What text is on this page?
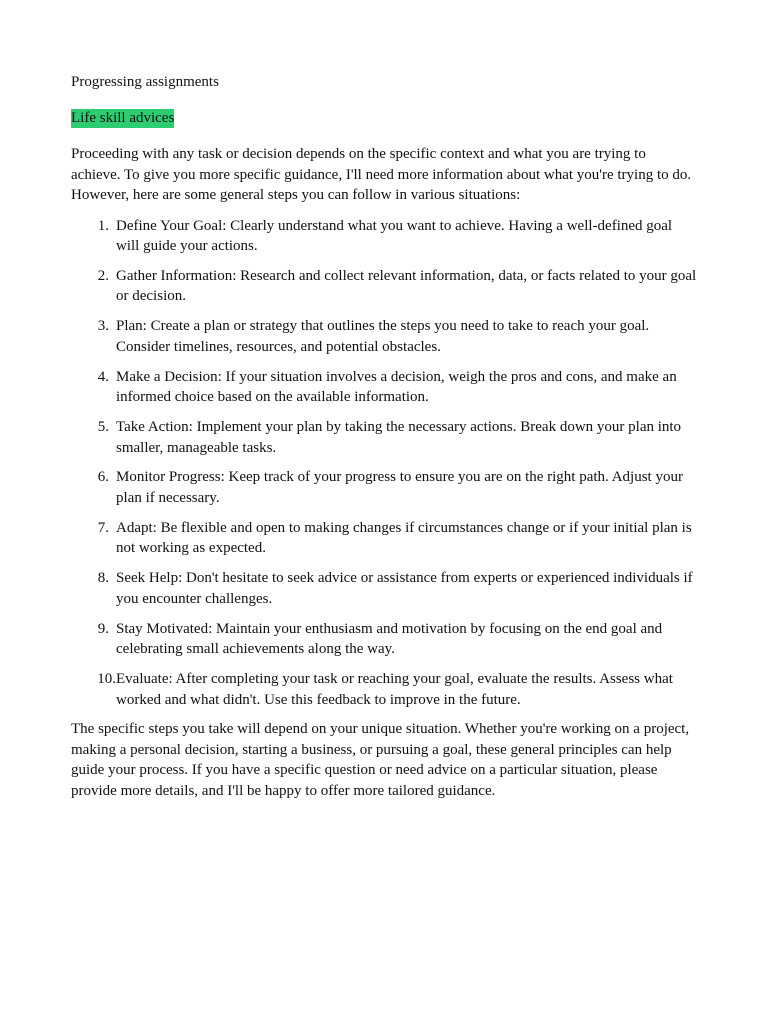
Progressing assignments
Life skill advices

Proceeding with any task or decision depends on the specific context and what you are trying to achieve. To give you more specific guidance, I'll need more information about what you're trying to do. However, here are some general steps you can follow in various situations:

1. Define Your Goal: Clearly understand what you want to achieve. Having a well-defined goal will guide your actions.
2. Gather Information: Research and collect relevant information, data, or facts related to your goal or decision.
3. Plan: Create a plan or strategy that outlines the steps you need to take to reach your goal. Consider timelines, resources, and potential obstacles.
4. Make a Decision: If your situation involves a decision, weigh the pros and cons, and make an informed choice based on the available information.
5. Take Action: Implement your plan by taking the necessary actions. Break down your plan into smaller, manageable tasks.
6. Monitor Progress: Keep track of your progress to ensure you are on the right path. Adjust your plan if necessary.
7. Adapt: Be flexible and open to making changes if circumstances change or if your initial plan is not working as expected.
8. Seek Help: Don't hesitate to seek advice or assistance from experts or experienced individuals if you encounter challenges.
9. Stay Motivated: Maintain your enthusiasm and motivation by focusing on the end goal and celebrating small achievements along the way.
10. Evaluate: After completing your task or reaching your goal, evaluate the results. Assess what worked and what didn't. Use this feedback to improve in the future.

The specific steps you take will depend on your unique situation. Whether you're working on a project, making a personal decision, starting a business, or pursuing a goal, these general principles can help guide your process. If you have a specific question or need advice on a particular situation, please provide more details, and I'll be happy to offer more tailored guidance.
